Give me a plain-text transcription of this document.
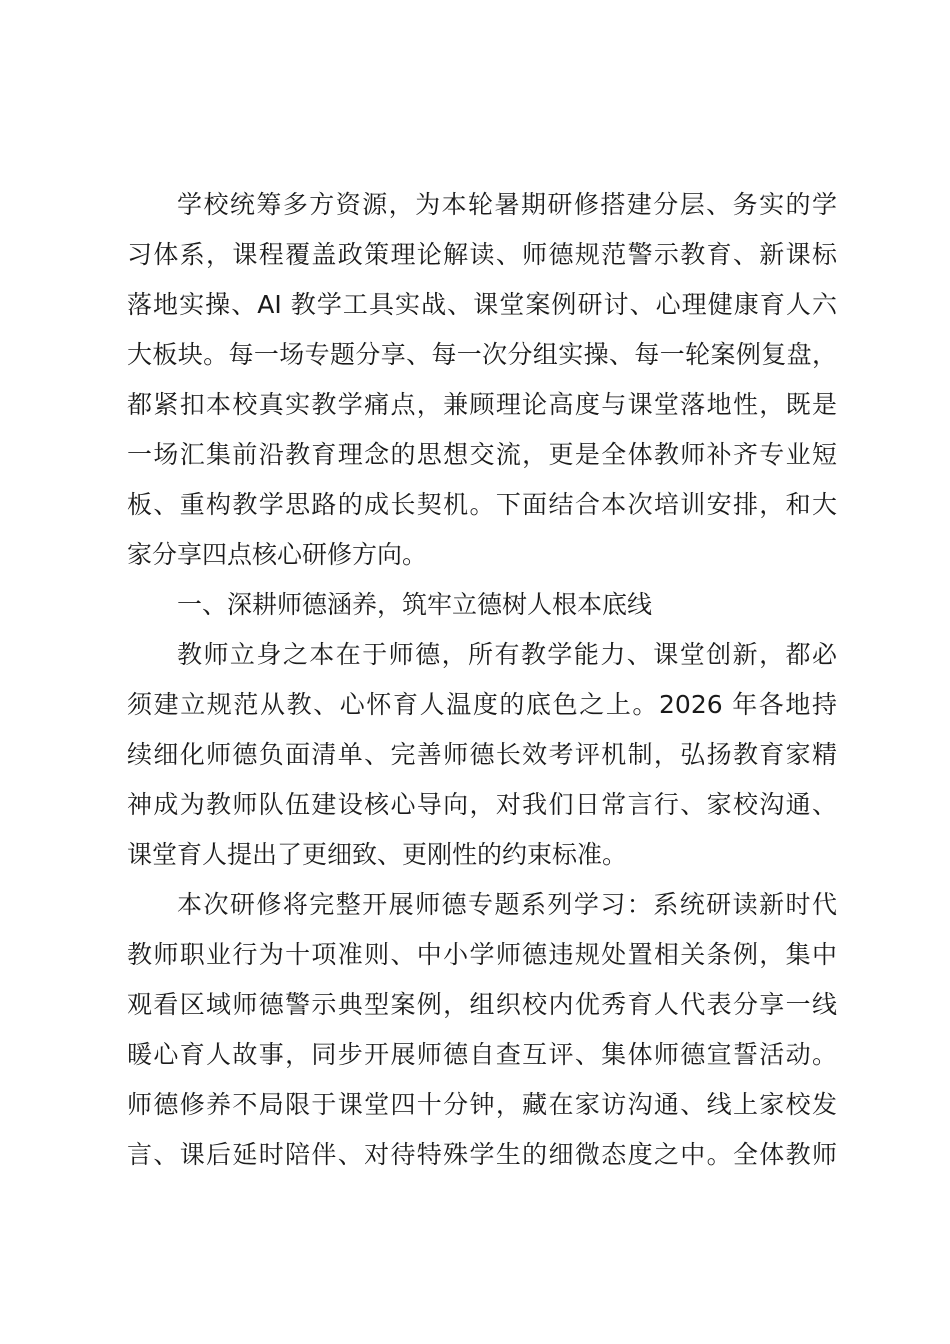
学校统筹多方资源，为本轮暑期研修搭建分层、务实的学
习体系，课程覆盖政策理论解读、师德规范警示教育、新课标
落地实操、AI 教学工具实战、课堂案例研讨、心理健康育人六
大板块。每一场专题分享、每一次分组实操、每一轮案例复盘，
都紧扣本校真实教学痛点，兼顾理论高度与课堂落地性，既是
一场汇集前沿教育理念的思想交流，更是全体教师补齐专业短
板、重构教学思路的成长契机。下面结合本次培训安排，和大
家分享四点核心研修方向。
一、深耕师德涵养，筑牢立德树人根本底线
教师立身之本在于师德，所有教学能力、课堂创新，都必
须建立规范从教、心怀育人温度的底色之上。2026 年各地持
续细化师德负面清单、完善师德长效考评机制，弘扬教育家精
神成为教师队伍建设核心导向，对我们日常言行、家校沟通、
课堂育人提出了更细致、更刚性的约束标准。
本次研修将完整开展师德专题系列学习：系统研读新时代
教师职业行为十项准则、中小学师德违规处置相关条例，集中
观看区域师德警示典型案例，组织校内优秀育人代表分享一线
暖心育人故事，同步开展师德自查互评、集体师德宣誓活动。
师德修养不局限于课堂四十分钟，藏在家访沟通、线上家校发
言、课后延时陪伴、对待特殊学生的细微态度之中。全体教师
